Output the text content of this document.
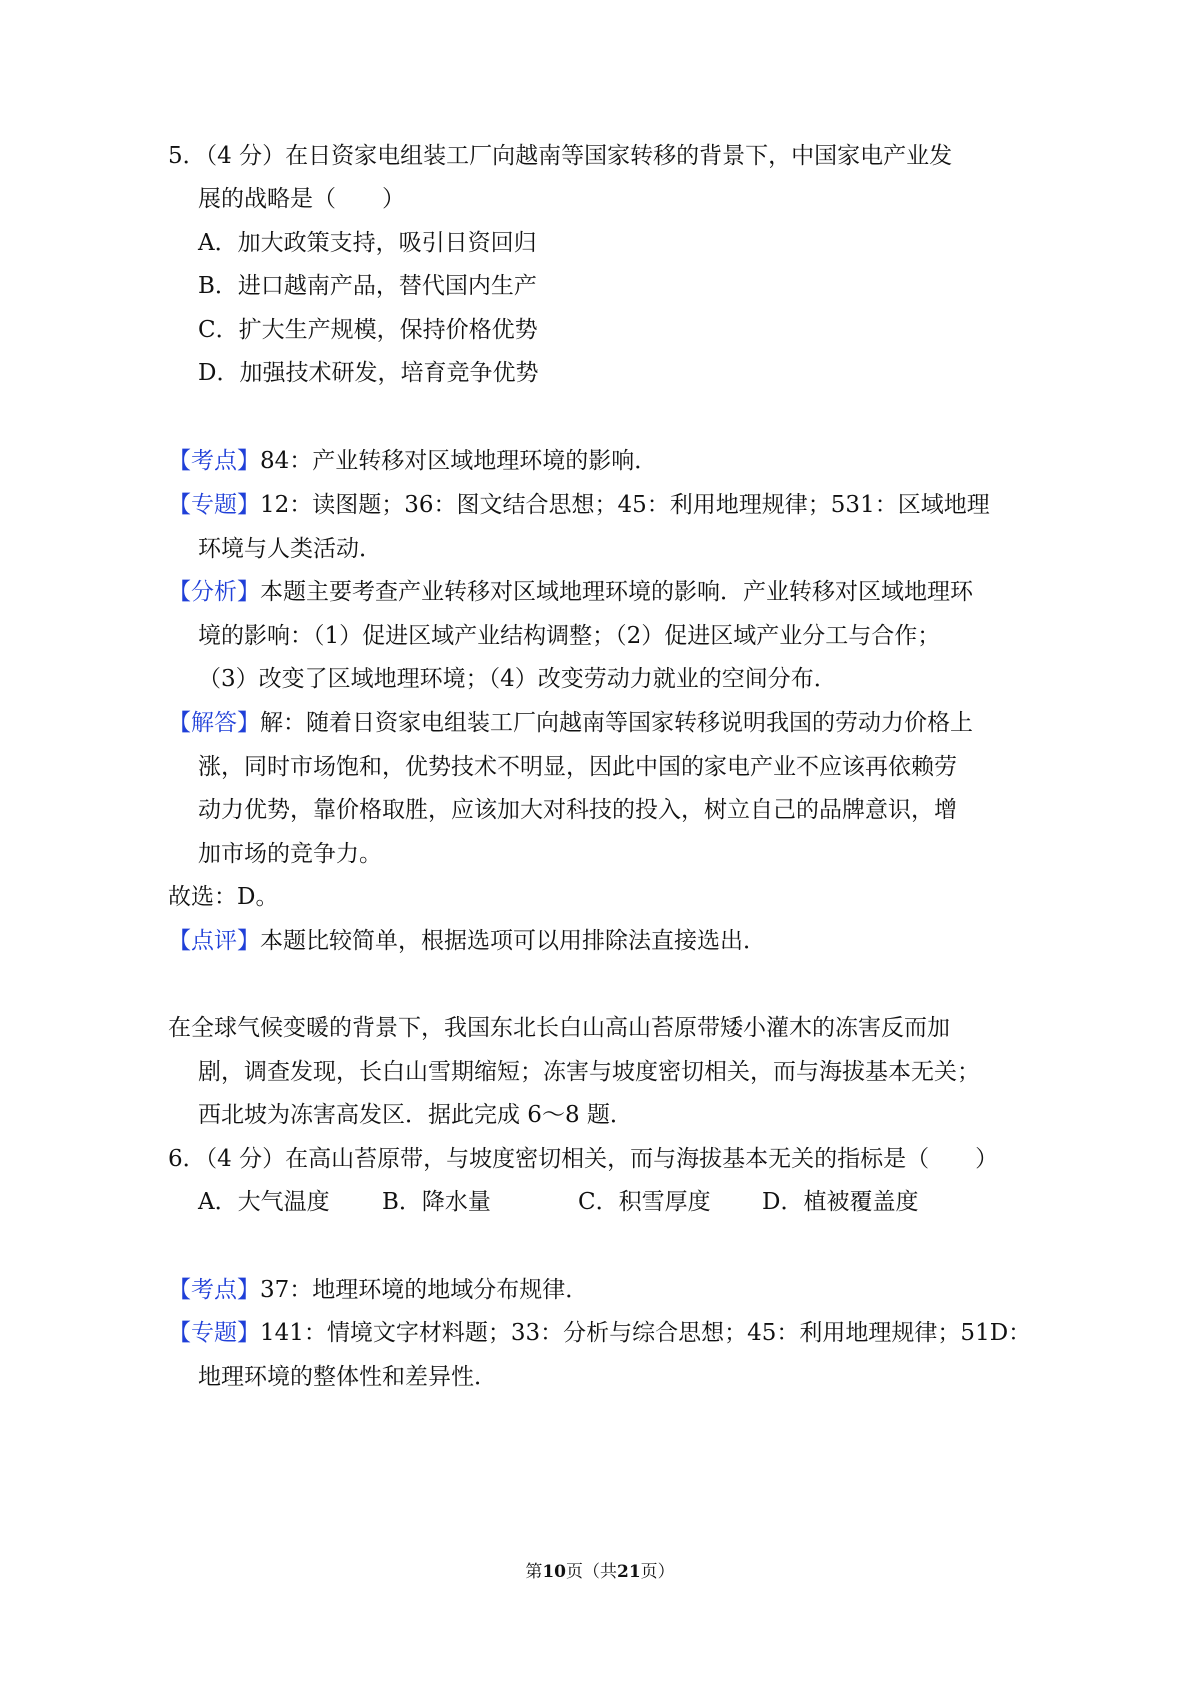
5．（4 分）在日资家电组装工厂向越南等国家转移的背景下，中国家电产业发
展的战略是（　　）
A．加大政策支持，吸引日资回归
B．进口越南产品，替代国内生产
C．扩大生产规模，保持价格优势
D．加强技术研发，培育竞争优势
【考点】84：产业转移对区域地理环境的影响．
【专题】12：读图题；36：图文结合思想；45：利用地理规律；531：区域地理
环境与人类活动．
【分析】本题主要考查产业转移对区域地理环境的影响．产业转移对区域地理环
境的影响：（1）促进区域产业结构调整；（2）促进区域产业分工与合作；
（3）改变了区域地理环境；（4）改变劳动力就业的空间分布．
【解答】解：随着日资家电组装工厂向越南等国家转移说明我国的劳动力价格上
涨，同时市场饱和，优势技术不明显，因此中国的家电产业不应该再依赖劳
动力优势，靠价格取胜，应该加大对科技的投入，树立自己的品牌意识，增
加市场的竞争力。
故选：D。
【点评】本题比较简单，根据选项可以用排除法直接选出．
在全球气候变暖的背景下，我国东北长白山高山苔原带矮小灌木的冻害反而加
剧，调查发现，长白山雪期缩短；冻害与坡度密切相关，而与海拔基本无关；
西北坡为冻害高发区．据此完成 6～8 题．
6．（4 分）在高山苔原带，与坡度密切相关，而与海拔基本无关的指标是（　　）
A．大气温度 B．降水量	C．积雪厚度 D．植被覆盖度
【考点】37：地理环境的地域分布规律．
【专题】141：情境文字材料题；33：分析与综合思想；45：利用地理规律；51D：
地理环境的整体性和差异性．
第10页（共21页）
